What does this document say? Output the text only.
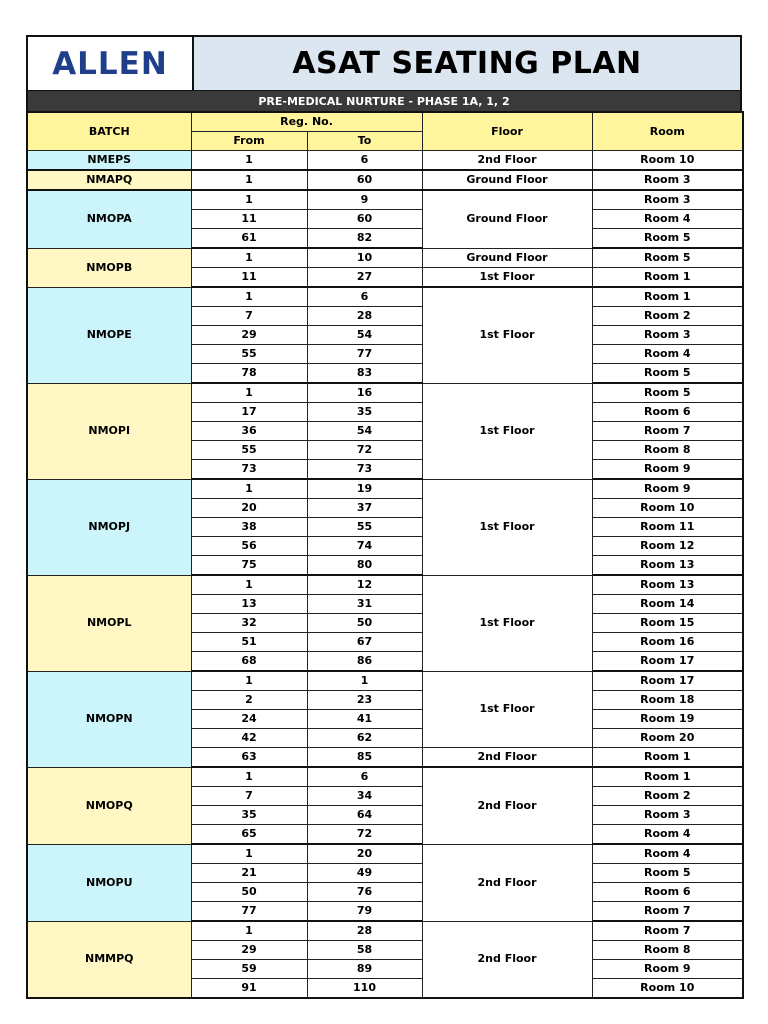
ALLEN	ASAT SEATING PLAN
PRE-MEDICAL NURTURE - PHASE 1A, 1, 2
BATCH	Reg. No.		Floor	Room
	From	To		
NMEPS	1	6	2nd Floor	Room 10
NMAPQ	1	60	Ground Floor	Room 3
NMOPA	1	9	Ground Floor	Room 3
	11	60		Room 4
	61	82		Room 5
NMOPB	1	10	Ground Floor	Room 5
	11	27	1st Floor	Room 1
NMOPE	1	6	1st Floor	Room 1
	7	28		Room 2
	29	54		Room 3
	55	77		Room 4
	78	83		Room 5
NMOPI	1	16	1st Floor	Room 5
	17	35		Room 6
	36	54		Room 7
	55	72		Room 8
	73	73		Room 9
NMOPJ	1	19	1st Floor	Room 9
	20	37		Room 10
	38	55		Room 11
	56	74		Room 12
	75	80		Room 13
NMOPL	1	12	1st Floor	Room 13
	13	31		Room 14
	32	50		Room 15
	51	67		Room 16
	68	86		Room 17
NMOPN	1	1	1st Floor	Room 17
	2	23		Room 18
	24	41		Room 19
	42	62		Room 20
	63	85	2nd Floor	Room 1
NMOPQ	1	6	2nd Floor	Room 1
	7	34		Room 2
	35	64		Room 3
	65	72		Room 4
NMOPU	1	20	2nd Floor	Room 4
	21	49		Room 5
	50	76		Room 6
	77	79		Room 7
NMMPQ	1	28	2nd Floor	Room 7
	29	58		Room 8
	59	89		Room 9
	91	110		Room 10
